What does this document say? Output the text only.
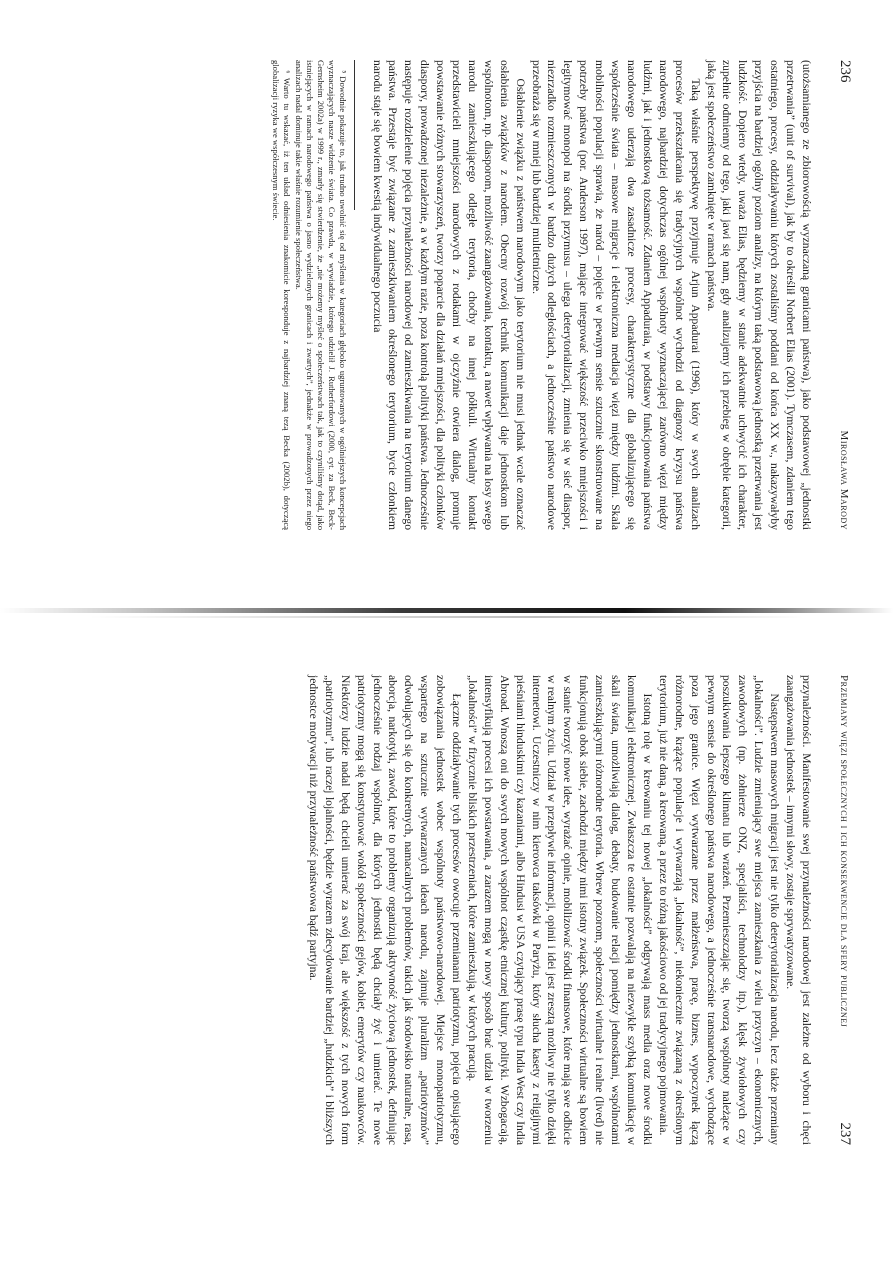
236
Mirosława Marody

(utożsamianego ze zbiorowością wyznaczaną granicami państwa), jako podstawowej „jednostki przetrwania” (unit of survival), jak by to określił Norbert Elias (2001). Tymczasem, zdaniem tego ostatniego, procesy, oddziaływaniu których zostaliśmy poddani od końca XX w., nakazywałyby przyjścia na bardziej ogólny poziom analizy, na którym taką podstawową jednostką przetrwania jest ludzkość. Dopiero wtedy, uważa Elias, będziemy w stanie adekwatnie uchwycić ich charakter, zupełnie odmienny od tego, jaki jawi się nam, gdy analizujemy ich przebieg w obrębie kategorii, jaką jest społeczeństwo zamknięte w ramach państwa.

Taką właśnie perspektywę przyjmuje Arjun Appadurai (1996), który w swych analizach procesów przekształcania się tradycyjnych wspólnot wychodzi od diagnozy kryzysu państwa narodowego, najbardziej dotychczas ogólnej wspólnoty wyznaczającej zarówno więzi między ludźmi, jak i jednostkową tożsamość. Zdaniem Appaduraia, w podstawy funkcjonowania państwa narodowego uderzają dwa zasadnicze procesy, charakterystyczne dla globalizującego się współcześnie świata – masowe migracje i elektroniczna mediacja więzi między ludźmi. Skala mobilności populacji sprawia, że naród – pojęcie w pewnym sensie sztucznie skonstruowane na potrzeby państwa (por. Anderson 1997), mające integrować większość przeciwko mniejszości i legitymować monopol na środki przymusu – ulega deterytorializacji, zmienia się w sieć diaspor, niezrzadko rozmieszczonych w bardzo dużych odległościach, a jednocześnie państwo narodowe przeobraża się w mniej lub bardziej multietniczne.

Osłabienie związku z państwem narodowym jako terytorium nie musi jednak wcale oznaczać osłabienia związków z narodem. Obecny rozwój technik komunikacji daje jednostkom lub wspólnotom, np. diasporom, możliwość zaangażowania, kontaktu, a nawet wpływania na losy swego narodu zamieszkującego odległe terytoria, choćby na innej półkuli. Wirtualny kontakt przedstawicieli mniejszości narodowych z rodakami w ojczyźnie otwiera dialog, promuje powstawanie różnych stowarzyszeń, tworzy poparcie dla działań mniejszości, dla polityki członków diaspory, prowadzonej niezależnie, a w każdym razie, poza kontrolą polityki państwa. Jednocześnie następuje rozdzielenie pojęcia przynależności narodowej od zamieszkiwania na terytorium danego państwa. Przestaje być związane z zamieszkiwaniem określonego terytorium, bycie członkiem narodu staje się bowiem kwestią indywidualnego poczucia

⁵ Dowodnie pokazuje to, jak trudno uwolnić się od myślenia w kategoriach głęboko ugruntowanych w ogólniejszych koncepcjach wyznaczających nasze widzenie świata. Co prawda, w wywiadzie, którego udzielił J. Rutherfordowi (2000, cyt. za Beck, Beck-Gernsheim 2002a) w 1999 r., zmarły się stwierdzenie, że „nie możemy myśleć o społeczeństwach tak, jak to czyniliśmy dotąd, jako istniejących w ramach narodowego państwa o jasno wydzielonych granicach i zwartych”, jednakże w prowadzonych przez niego analizach nadal dominuje takie właśnie rozumienie społeczeństwa.

⁶ Warto tu wskazać, iż ten układ odniesienia znakomicie koresponduje z najbardziej znaną tezą Becka (2002b), dotyczącą globalizacji ryzyka we współczesnym świecie.

Przemiany więzi społecznych i ich konsekwencje dla sfery publicznej
237

przynależności. Manifestowanie swej przynależności narodowej jest zależne od wyboru i chęci zaangażowania jednostek – innymi słowy, zostaje sprywatyzowane.

Następstwem masowych migracji jest nie tylko deterytorializacja narodu, lecz także przemiany „lokalności”. Ludzie zmieniający swe miejsca zamieszkania z wielu przyczyn – ekonomicznych, zawodowych (np. żołnierze ONZ, specjaliści, technolodzy itp.), klęsk żywiołowych czy poszukiwania lepszego klimatu lub wrażeń. Przemieszczając się, tworzą wspólnoty należące w pewnym sensie do określonego państwa narodowego, a jednocześnie transnarodowe, wychodzące poza jego granice. Więzi wytwarzane przez małżeństwa, pracę, biznes, wypoczynek łączą różnorodne, krążące populacje i wytwarzają „lokalność”, niekoniecznie związaną z określonym terytorium, już nie daną, a kreowaną, a przez to różną jakościowo od jej tradycyjnego pojmowania.

Istotną rolę w kreowaniu tej nowej „lokalności” odgrywają mass media oraz nowe środki komunikacji elektronicznej. Zwłaszcza te ostatnie pozwalają na niezwykle szybką komunikację w skali świata, umożliwiają dialog, debaty, budowanie relacji pomiędzy jednostkami, wspólnotami zamieszkującymi różnorodne terytoria. Wbrew pozorom, społeczności wirtualne i realne (lived) nie funkcjonują obok siebie, zachodzi między nimi istotny związek. Społeczności wirtualne są bowiem w stanie tworzyć nowe idee, wyrażać opinie, mobilizować środki finansowe, które mają swe odbicie w realnym życiu. Udział w przepływie informacji, opinii i idei jest zresztą możliwy nie tylko dzięki internetowi. Uczestniczy w nim kierowca taksówki w Paryżu, który słucha kasety z religijnymi pieśniami hinduskimi czy kazaniami, albo Hindusi w USA czytający prasę typu India West czy India Abroad. Wnoszą oni do swych nowych wspólnot cząstkę etnicznej kultury, polityki. Wzbogacają, intensyfikują procesi ich powstawania, a zarazem mogą w nowy sposób brać udział w tworzeniu „lokalności” w fizycznie bliskich przestrzeniach, które zamieszkują, w których pracują.

Łączne oddziaływanie tych procesów owocuje przemianami patriotyzmu, pojęcia opisującego zobowiązania jednostek wobec wspólnoty państwowo-narodowej. Miejsce monopatriotyzmu, wspartego na sztucznie wytwarzanych ideach narodu, zajmuje pluralizm „patriotyzmów” odwołujących się do konkretnych, namacalnych problemów, takich jak środowisko naturalne, rasa, aborcja, narkotyki, zawód, które to problemy organizują aktywność życiową jednostek, definiując jednocześnie rodzaj wspólnot, dla których jednostki będą chciały żyć i umierać. Te nowe patriotyzmy mogą się konstytuować wokół społeczności gejów, kobiet, emerytów czy naukowców. Niektórzy ludzie nadal będą chcieli umierać za swój kraj, ale większość z tych nowych form „patriotyzmu”, lub raczej lojalności, będzie wyrazem zdecydowanie bardziej „hudzkich” i bliższych jednostce motywacji niż przynależność państwowa bądź partyjna.
